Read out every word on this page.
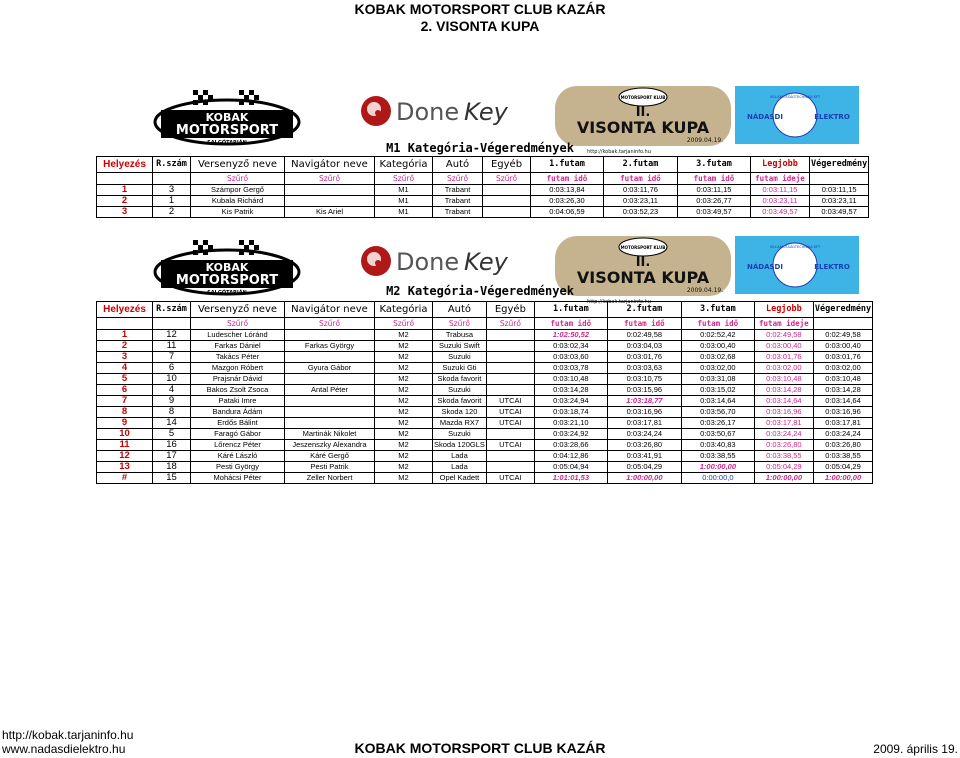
KOBAK MOTORSPORT CLUB KAZÁR
2. VISONTA KUPA
KOBAK
MOTORSPORT
SALGÓTARJÁN
Done Key
MOTORSPORT KLUB
II.
VISONTA KUPA
2009.04.19.
http://kobak.tarjaninfo.hu
VILLAMOSSÁGTECHNIKA KFT
NÁDASDI	ELEKTRO
M1 Kategória-Végeredmények
Helyezés	R.szám	Versenyző neve	Navigátor neve	Kategória	Autó	Egyéb	1.futam	2.futam	3.futam	Legjobb	Végeredmény
		Szűrő	Szűrő	Szűrő	Szűrő	Szűrő	futam idő	futam idő	futam idő	futam ideje	
1	3	Számpor Gergő		M1	Trabant		0:03:13,84	0:03:11,76	0:03:11,15	0:03:11,15	0:03:11,15
2	1	Kubala Richárd		M1	Trabant		0:03:26,30	0:03:23,11	0:03:26,77	0:03:23,11	0:03:23,11
3	2	Kis Patrik	Kis Ariel	M1	Trabant		0:04:06,59	0:03:52,23	0:03:49,57	0:03:49,57	0:03:49,57
KOBAK
MOTORSPORT
SALGÓTARJÁN
Done Key
MOTORSPORT KLUB
II.
VISONTA KUPA
2009.04.19.
http://kobak.tarjaninfo.hu
VILLAMOSSÁGTECHNIKA KFT
NÁDASDI	ELEKTRO
M2 Kategória-Végeredmények
Helyezés	R.szám	Versenyző neve	Navigátor neve	Kategória	Autó	Egyéb	1.futam	2.futam	3.futam	Legjobb	Végeredmény
		Szűrő	Szűrő	Szűrő	Szűrő	Szűrő	futam idő	futam idő	futam idő	futam ideje	
1	12	Ludescher Lóránd		M2	Trabusa		1:02:50,52	0:02:49,58	0:02:52,42	0:02:49,58	0:02:49,58
2	11	Farkas Dániel	Farkas György	M2	Suzuki Swift		0:03:02,34	0:03:04,03	0:03:00,40	0:03:00,40	0:03:00,40
3	7	Takács Péter		M2	Suzuki		0:03:03,60	0:03:01,76	0:03:02,68	0:03:01,76	0:03:01,76
4	6	Mazgon Róbert	Gyura Gábor	M2	Suzuki Gti		0:03:03,78	0:03:03,63	0:03:02,00	0:03:02,00	0:03:02,00
5	10	Prajsnár Dávid		M2	Skoda favorit		0:03:10,48	0:03:10,75	0:03:31,08	0:03:10,48	0:03:10,48
6	4	Bakos Zsolt Zsoca	Antal Péter	M2	Suzuki		0:03:14,28	0:03:15,96	0:03:15,02	0:03:14,28	0:03:14,28
7	9	Pataki Imre		M2	Skoda favorit	UTCAI	0:03:24,94	1:03:18,77	0:03:14,64	0:03:14,64	0:03:14,64
8	8	Bandura Ádám		M2	Skoda 120	UTCAI	0:03:18,74	0:03:16,96	0:03:56,70	0:03:16,96	0:03:16,96
9	14	Erdős Bálint		M2	Mazda RX7	UTCAI	0:03:21,10	0:03:17,81	0:03:26,17	0:03:17,81	0:03:17,81
10	5	Faragó Gábor	Martinák Nikolet	M2	Suzuki		0:03:24,92	0:03:24,24	0:03:50,67	0:03:24,24	0:03:24,24
11	16	Lőrencz Péter	Jeszenszky Alexandra	M2	Skoda 120GLS	UTCAI	0:03:28,66	0:03:26,80	0:03:40,83	0:03:26,80	0:03:26,80
12	17	Káré László	Káré Gergő	M2	Lada		0:04:12,86	0:03:41,91	0:03:38,55	0:03:38,55	0:03:38,55
13	18	Pesti György	Pesti Patrik	M2	Lada		0:05:04,94	0:05:04,29	1:00:00,00	0:05:04,29	0:05:04,29
#	15	Mohácsi Péter	Zeller Norbert	M2	Opel Kadett	UTCAI	1:01:01,53	1:00:00,00	0:00:00,0	1:00:00,00	1:00:00,00
http://kobak.tarjaninfo.hu
www.nadasdielektro.hu	KOBAK MOTORSPORT CLUB KAZÁR	2009. április 19.
